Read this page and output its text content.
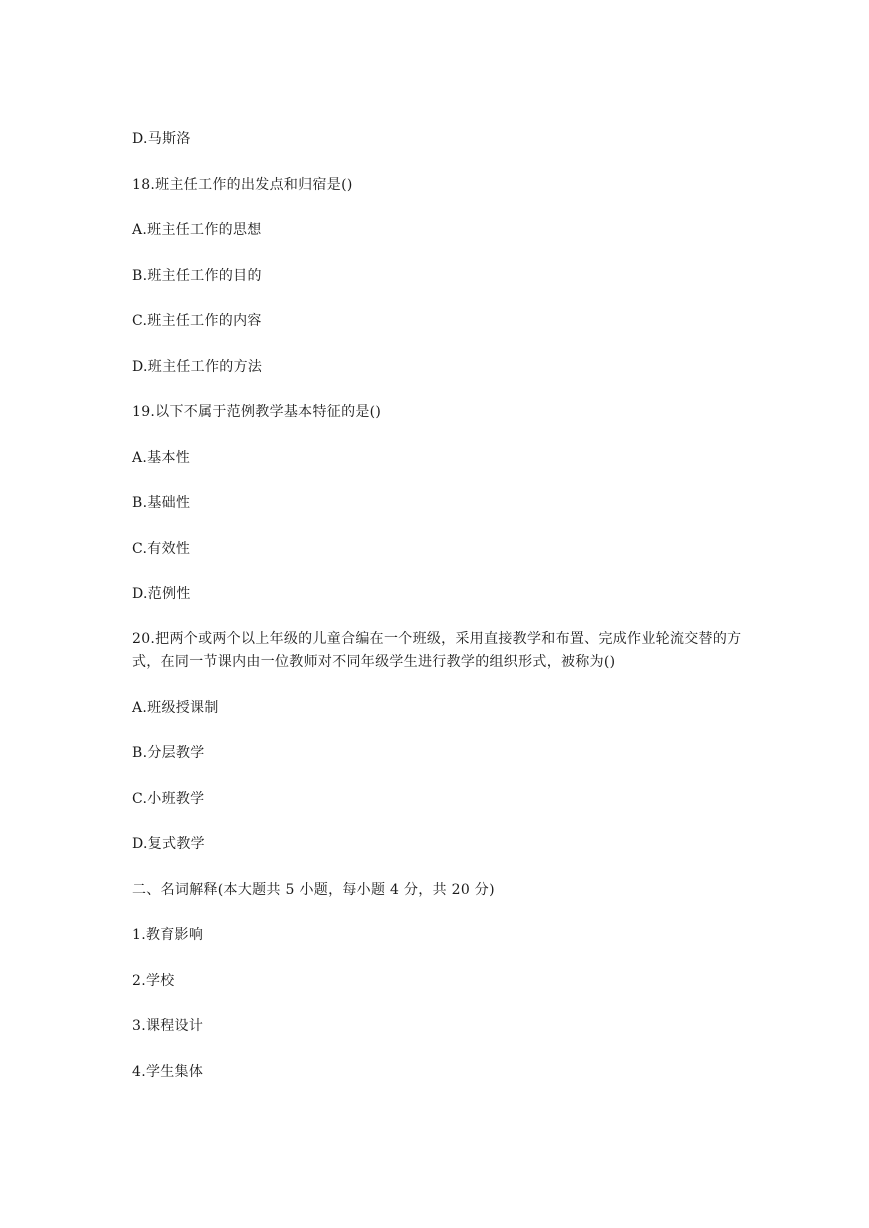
D.马斯洛
18.班主任工作的出发点和归宿是()
A.班主任工作的思想
B.班主任工作的目的
C.班主任工作的内容
D.班主任工作的方法
19.以下不属于范例教学基本特征的是()
A.基本性
B.基础性
C.有效性
D.范例性
20.把两个或两个以上年级的儿童合编在一个班级，采用直接教学和布置、完成作业轮流交替的方式，在同一节课内由一位教师对不同年级学生进行教学的组织形式，被称为()
A.班级授课制
B.分层教学
C.小班教学
D.复式教学
二、名词解释(本大题共 5 小题，每小题 4 分，共 20 分)
1.教育影响
2.学校
3.课程设计
4.学生集体
